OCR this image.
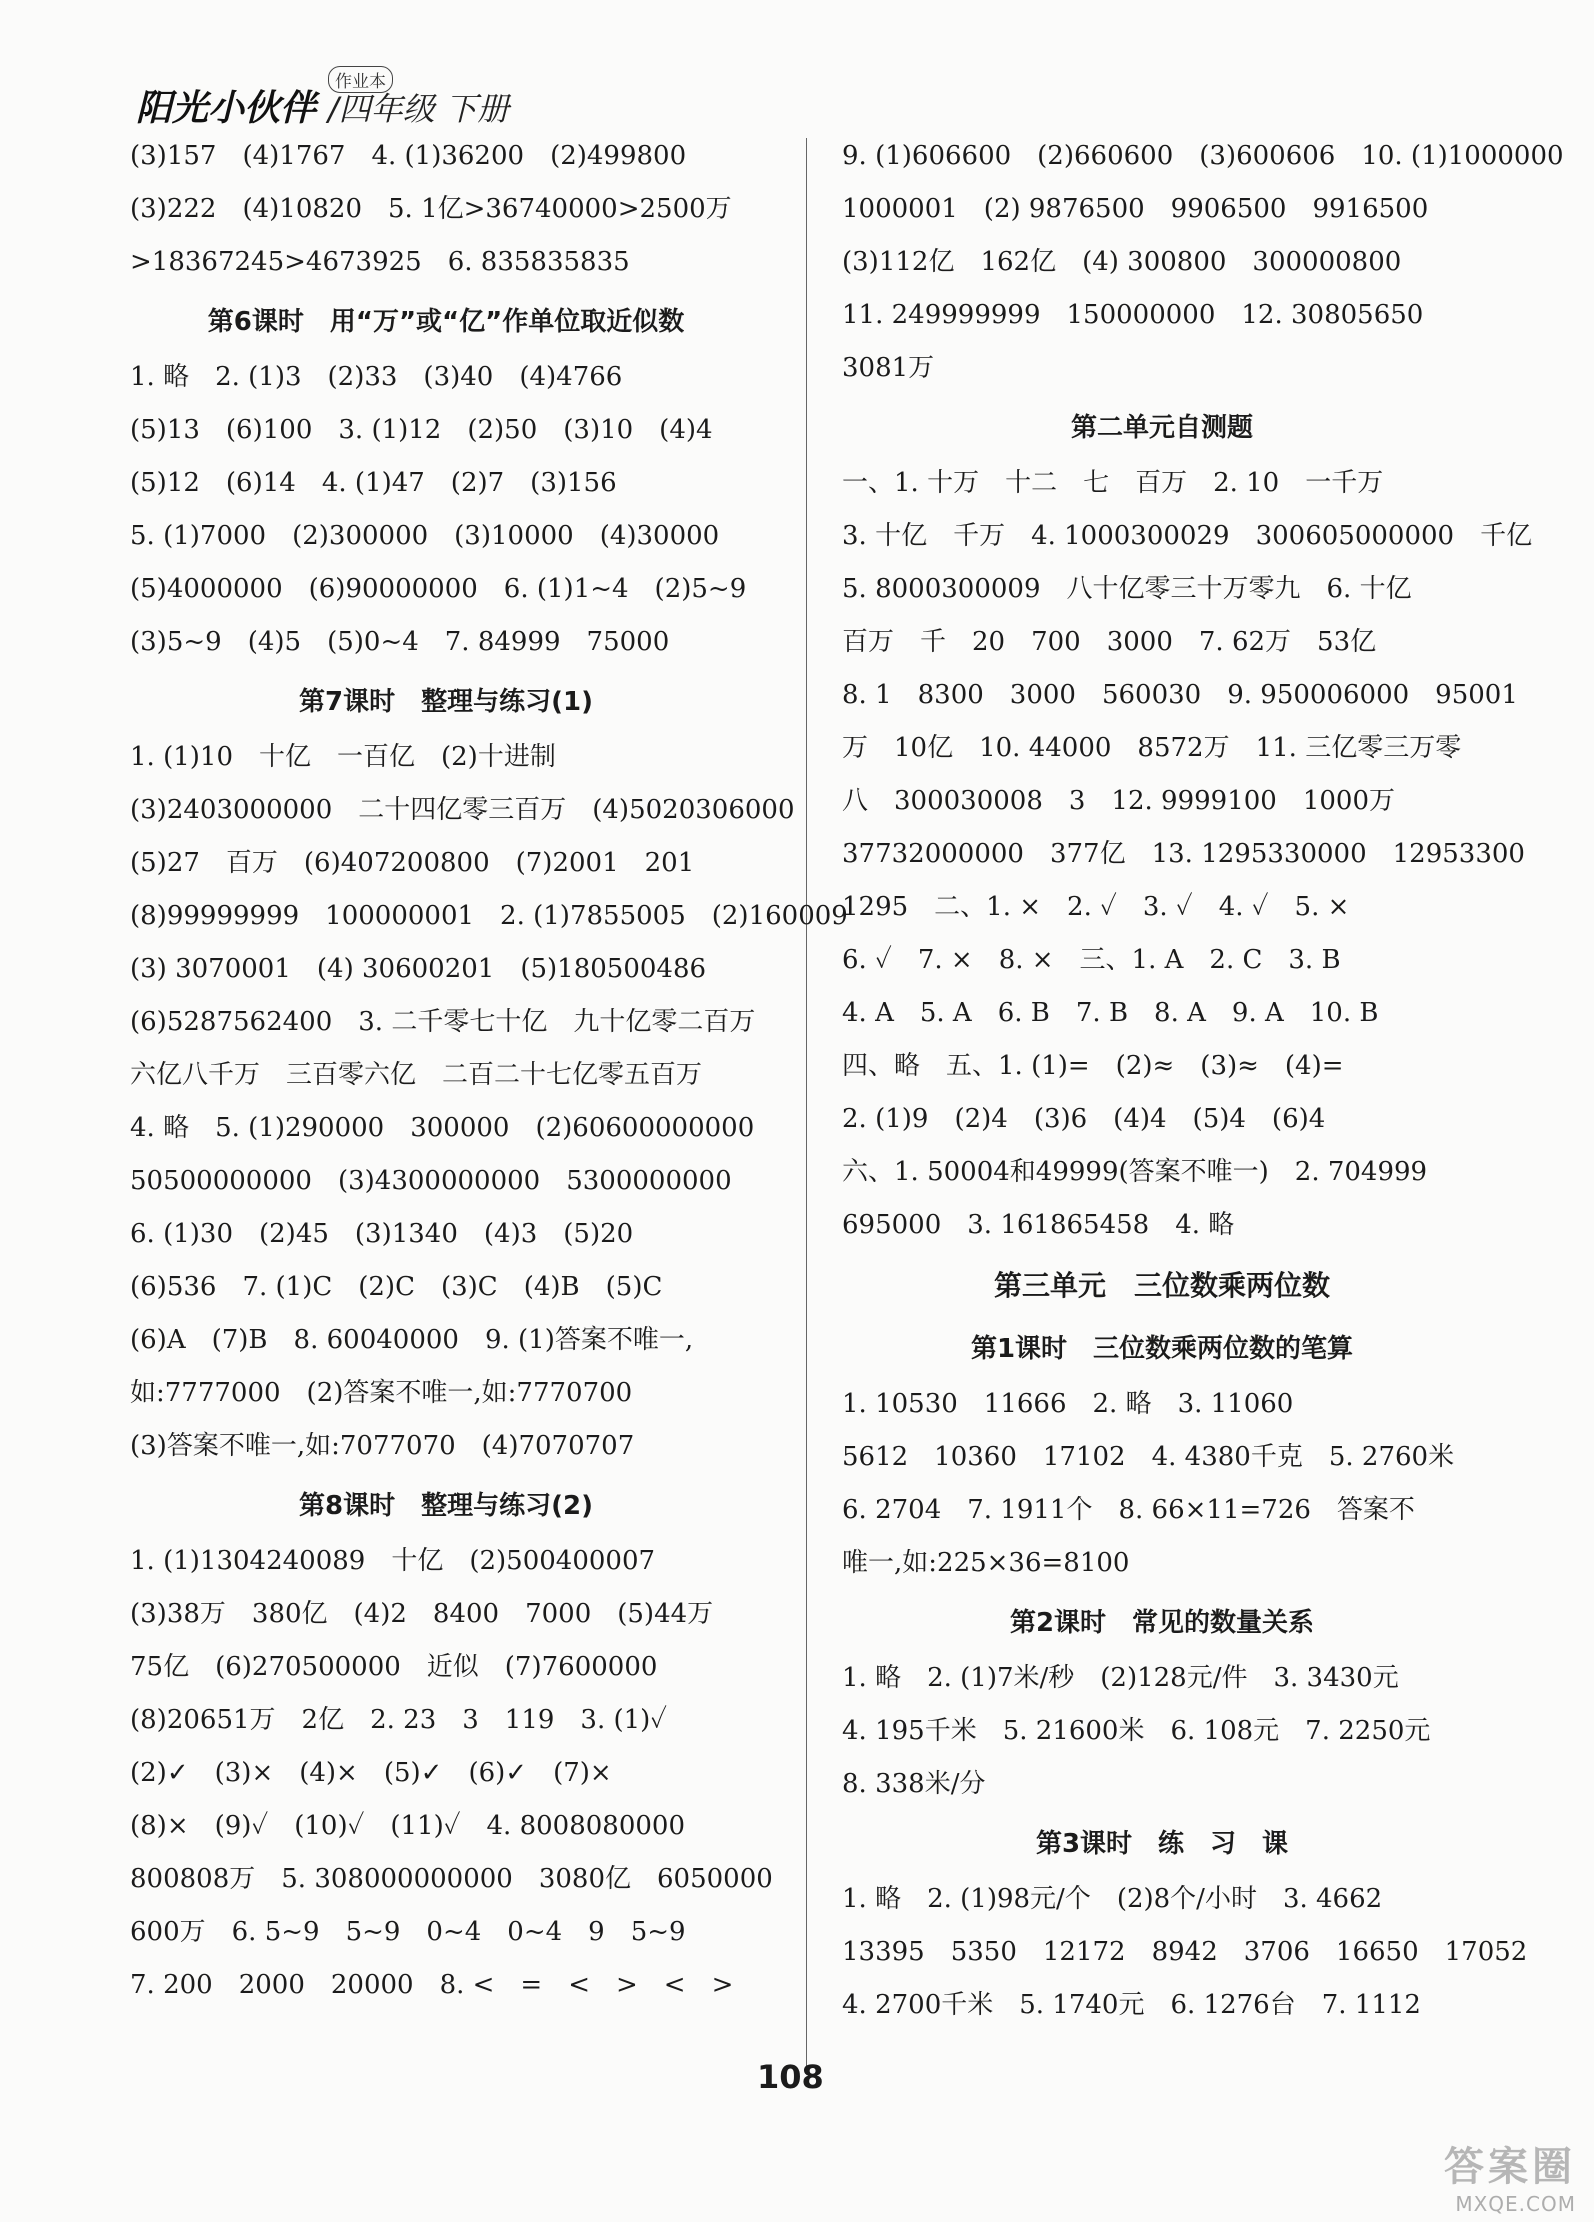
阳光小伙伴
作业本
/四年级 下册
(3)157　(4)1767　4. (1)36200　(2)499800
(3)222　(4)10820　5. 1亿>36740000>2500万
>18367245>4673925　6. 835835835
第6课时　用“万”或“亿”作单位取近似数
1. 略　2. (1)3　(2)33　(3)40　(4)4766
(5)13　(6)100　3. (1)12　(2)50　(3)10　(4)4
(5)12　(6)14　4. (1)47　(2)7　(3)156
5. (1)7000　(2)300000　(3)10000　(4)30000
(5)4000000　(6)90000000　6. (1)1~4　(2)5~9
(3)5~9　(4)5　(5)0~4　7. 84999　75000
第7课时　整理与练习(1)
1. (1)10　十亿　一百亿　(2)十进制
(3)2403000000　二十四亿零三百万　(4)5020306000
(5)27　百万　(6)407200800　(7)2001　201
(8)99999999　100000001　2. (1)7855005　(2)160009
(3) 3070001　(4) 30600201　(5)180500486
(6)5287562400　3. 二千零七十亿　九十亿零二百万
六亿八千万　三百零六亿　二百二十七亿零五百万
4. 略　5. (1)290000　300000　(2)60600000000
50500000000　(3)4300000000　5300000000
6. (1)30　(2)45　(3)1340　(4)3　(5)20
(6)536　7. (1)C　(2)C　(3)C　(4)B　(5)C
(6)A　(7)B　8. 60040000　9. (1)答案不唯一,
如:7777000　(2)答案不唯一,如:7770700
(3)答案不唯一,如:7077070　(4)7070707
第8课时　整理与练习(2)
1. (1)1304240089　十亿　(2)500400007
(3)38万　380亿　(4)2　8400　7000　(5)44万
75亿　(6)270500000　近似　(7)7600000
(8)20651万　2亿　2. 23　3　119　3. (1)✓
(2)✓　(3)×　(4)×　(5)✓　(6)✓　(7)×
(8)×　(9)✓　(10)✓　(11)✓　4. 8008080000
800808万　5. 308000000000　3080亿　6050000
600万　6. 5~9　5~9　0~4　0~4　9　5~9
7. 200　2000　20000　8. <　=　<　>　<　>
9. (1)606600　(2)660600　(3)600606　10. (1)1000000
1000001　(2) 9876500　9906500　9916500
(3)112亿　162亿　(4) 300800　300000800
11. 249999999　150000000　12. 30805650
3081万
第二单元自测题
一、1. 十万　十二　七　百万　2. 10　一千万
3. 十亿　千万　4. 1000300029　300605000000　千亿
5. 8000300009　八十亿零三十万零九　6. 十亿
百万　千　20　700　3000　7. 62万　53亿
8. 1　8300　3000　560030　9. 950006000　95001
万　10亿　10. 44000　8572万　11. 三亿零三万零
八　300030008　3　12. 9999100　1000万
37732000000　377亿　13. 1295330000　12953300
1295　二、1. ×　2. ✓　3. ✓　4. ✓　5. ×
6. ✓　7. ×　8. ×　三、1. A　2. C　3. B
4. A　5. A　6. B　7. B　8. A　9. A　10. B
四、略　五、1. (1)=　(2)≈　(3)≈　(4)=
2. (1)9　(2)4　(3)6　(4)4　(5)4　(6)4
六、1. 50004和49999(答案不唯一)　2. 704999
695000　3. 161865458　4. 略
第三单元　三位数乘两位数
第1课时　三位数乘两位数的笔算
1. 10530　11666　2. 略　3. 11060
5612　10360　17102　4. 4380千克　5. 2760米
6. 2704　7. 1911个　8. 66×11=726　答案不
唯一,如:225×36=8100
第2课时　常见的数量关系
1. 略　2. (1)7米/秒　(2)128元/件　3. 3430元
4. 195千米　5. 21600米　6. 108元　7. 2250元
8. 338米/分
第3课时　练　习　课
1. 略　2. (1)98元/个　(2)8个/小时　3. 4662
13395　5350　12172　8942　3706　16650　17052
4. 2700千米　5. 1740元　6. 1276台　7. 1112
108
答案圈
MXQE.COM
